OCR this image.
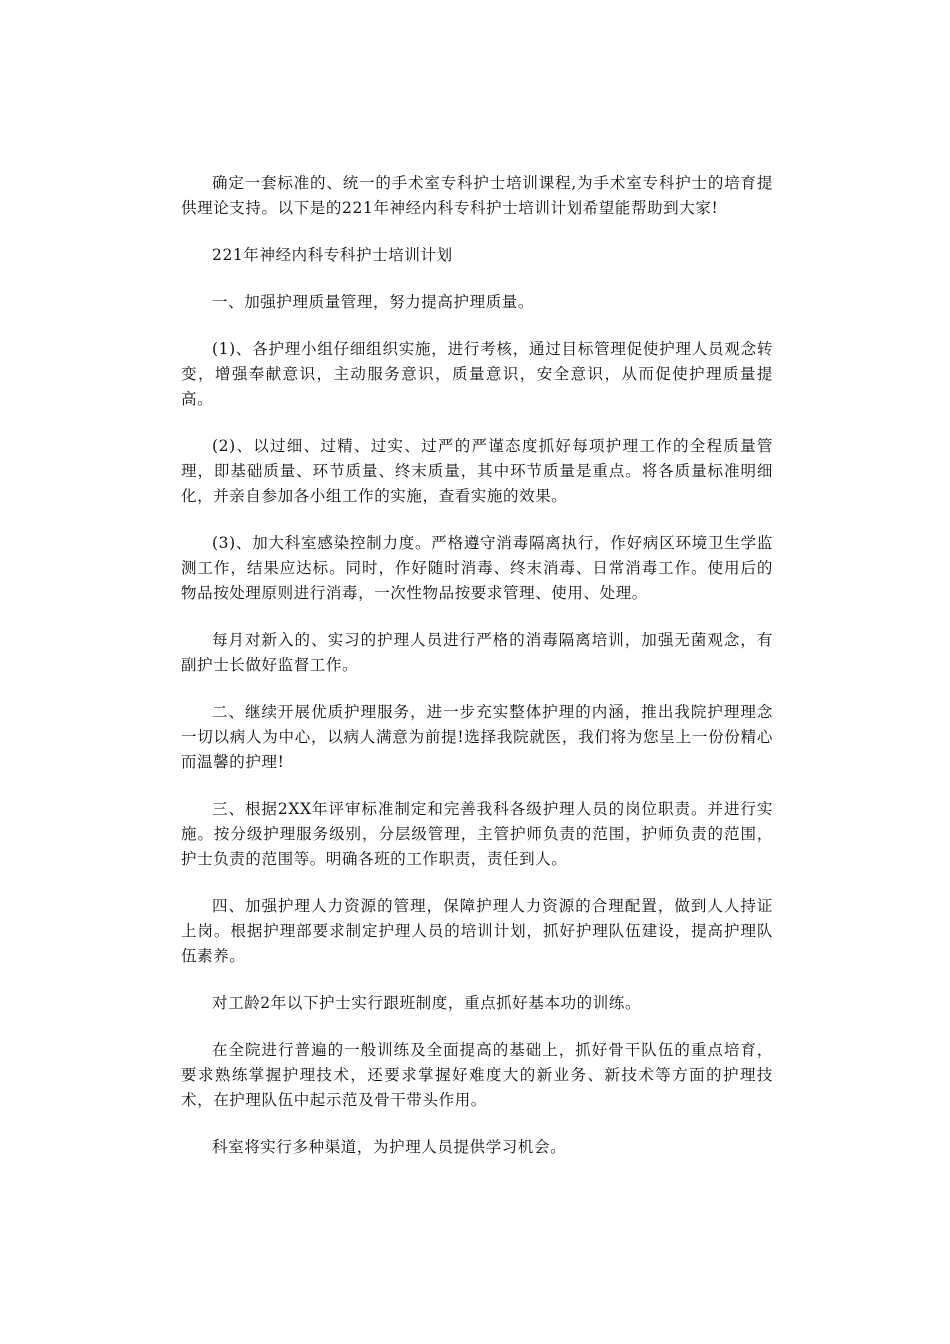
确定一套标准的、统一的手术室专科护士培训课程,为手术室专科护士的培育提供理论支持。以下是的221年神经内科专科护士培训计划希望能帮助到大家!

221年神经内科专科护士培训计划

一、加强护理质量管理，努力提高护理质量。

(1)、各护理小组仔细组织实施，进行考核，通过目标管理促使护理人员观念转变，增强奉献意识，主动服务意识，质量意识，安全意识，从而促使护理质量提高。

(2)、以过细、过精、过实、过严的严谨态度抓好每项护理工作的全程质量管理，即基础质量、环节质量、终末质量，其中环节质量是重点。将各质量标准明细化，并亲自参加各小组工作的实施，查看实施的效果。

(3)、加大科室感染控制力度。严格遵守消毒隔离执行，作好病区环境卫生学监测工作，结果应达标。同时，作好随时消毒、终末消毒、日常消毒工作。使用后的物品按处理原则进行消毒，一次性物品按要求管理、使用、处理。

每月对新入的、实习的护理人员进行严格的消毒隔离培训，加强无菌观念，有副护士长做好监督工作。

二、继续开展优质护理服务，进一步充实整体护理的内涵，推出我院护理理念一切以病人为中心，以病人满意为前提!选择我院就医，我们将为您呈上一份份精心而温馨的护理!

三、根据2XX年评审标准制定和完善我科各级护理人员的岗位职责。并进行实施。按分级护理服务级别，分层级管理，主管护师负责的范围，护师负责的范围，护士负责的范围等。明确各班的工作职责，责任到人。

四、加强护理人力资源的管理，保障护理人力资源的合理配置，做到人人持证上岗。根据护理部要求制定护理人员的培训计划，抓好护理队伍建设，提高护理队伍素养。

对工龄2年以下护士实行跟班制度，重点抓好基本功的训练。

在全院进行普遍的一般训练及全面提高的基础上，抓好骨干队伍的重点培育，要求熟练掌握护理技术，还要求掌握好难度大的新业务、新技术等方面的护理技术，在护理队伍中起示范及骨干带头作用。

科室将实行多种渠道，为护理人员提供学习机会。
